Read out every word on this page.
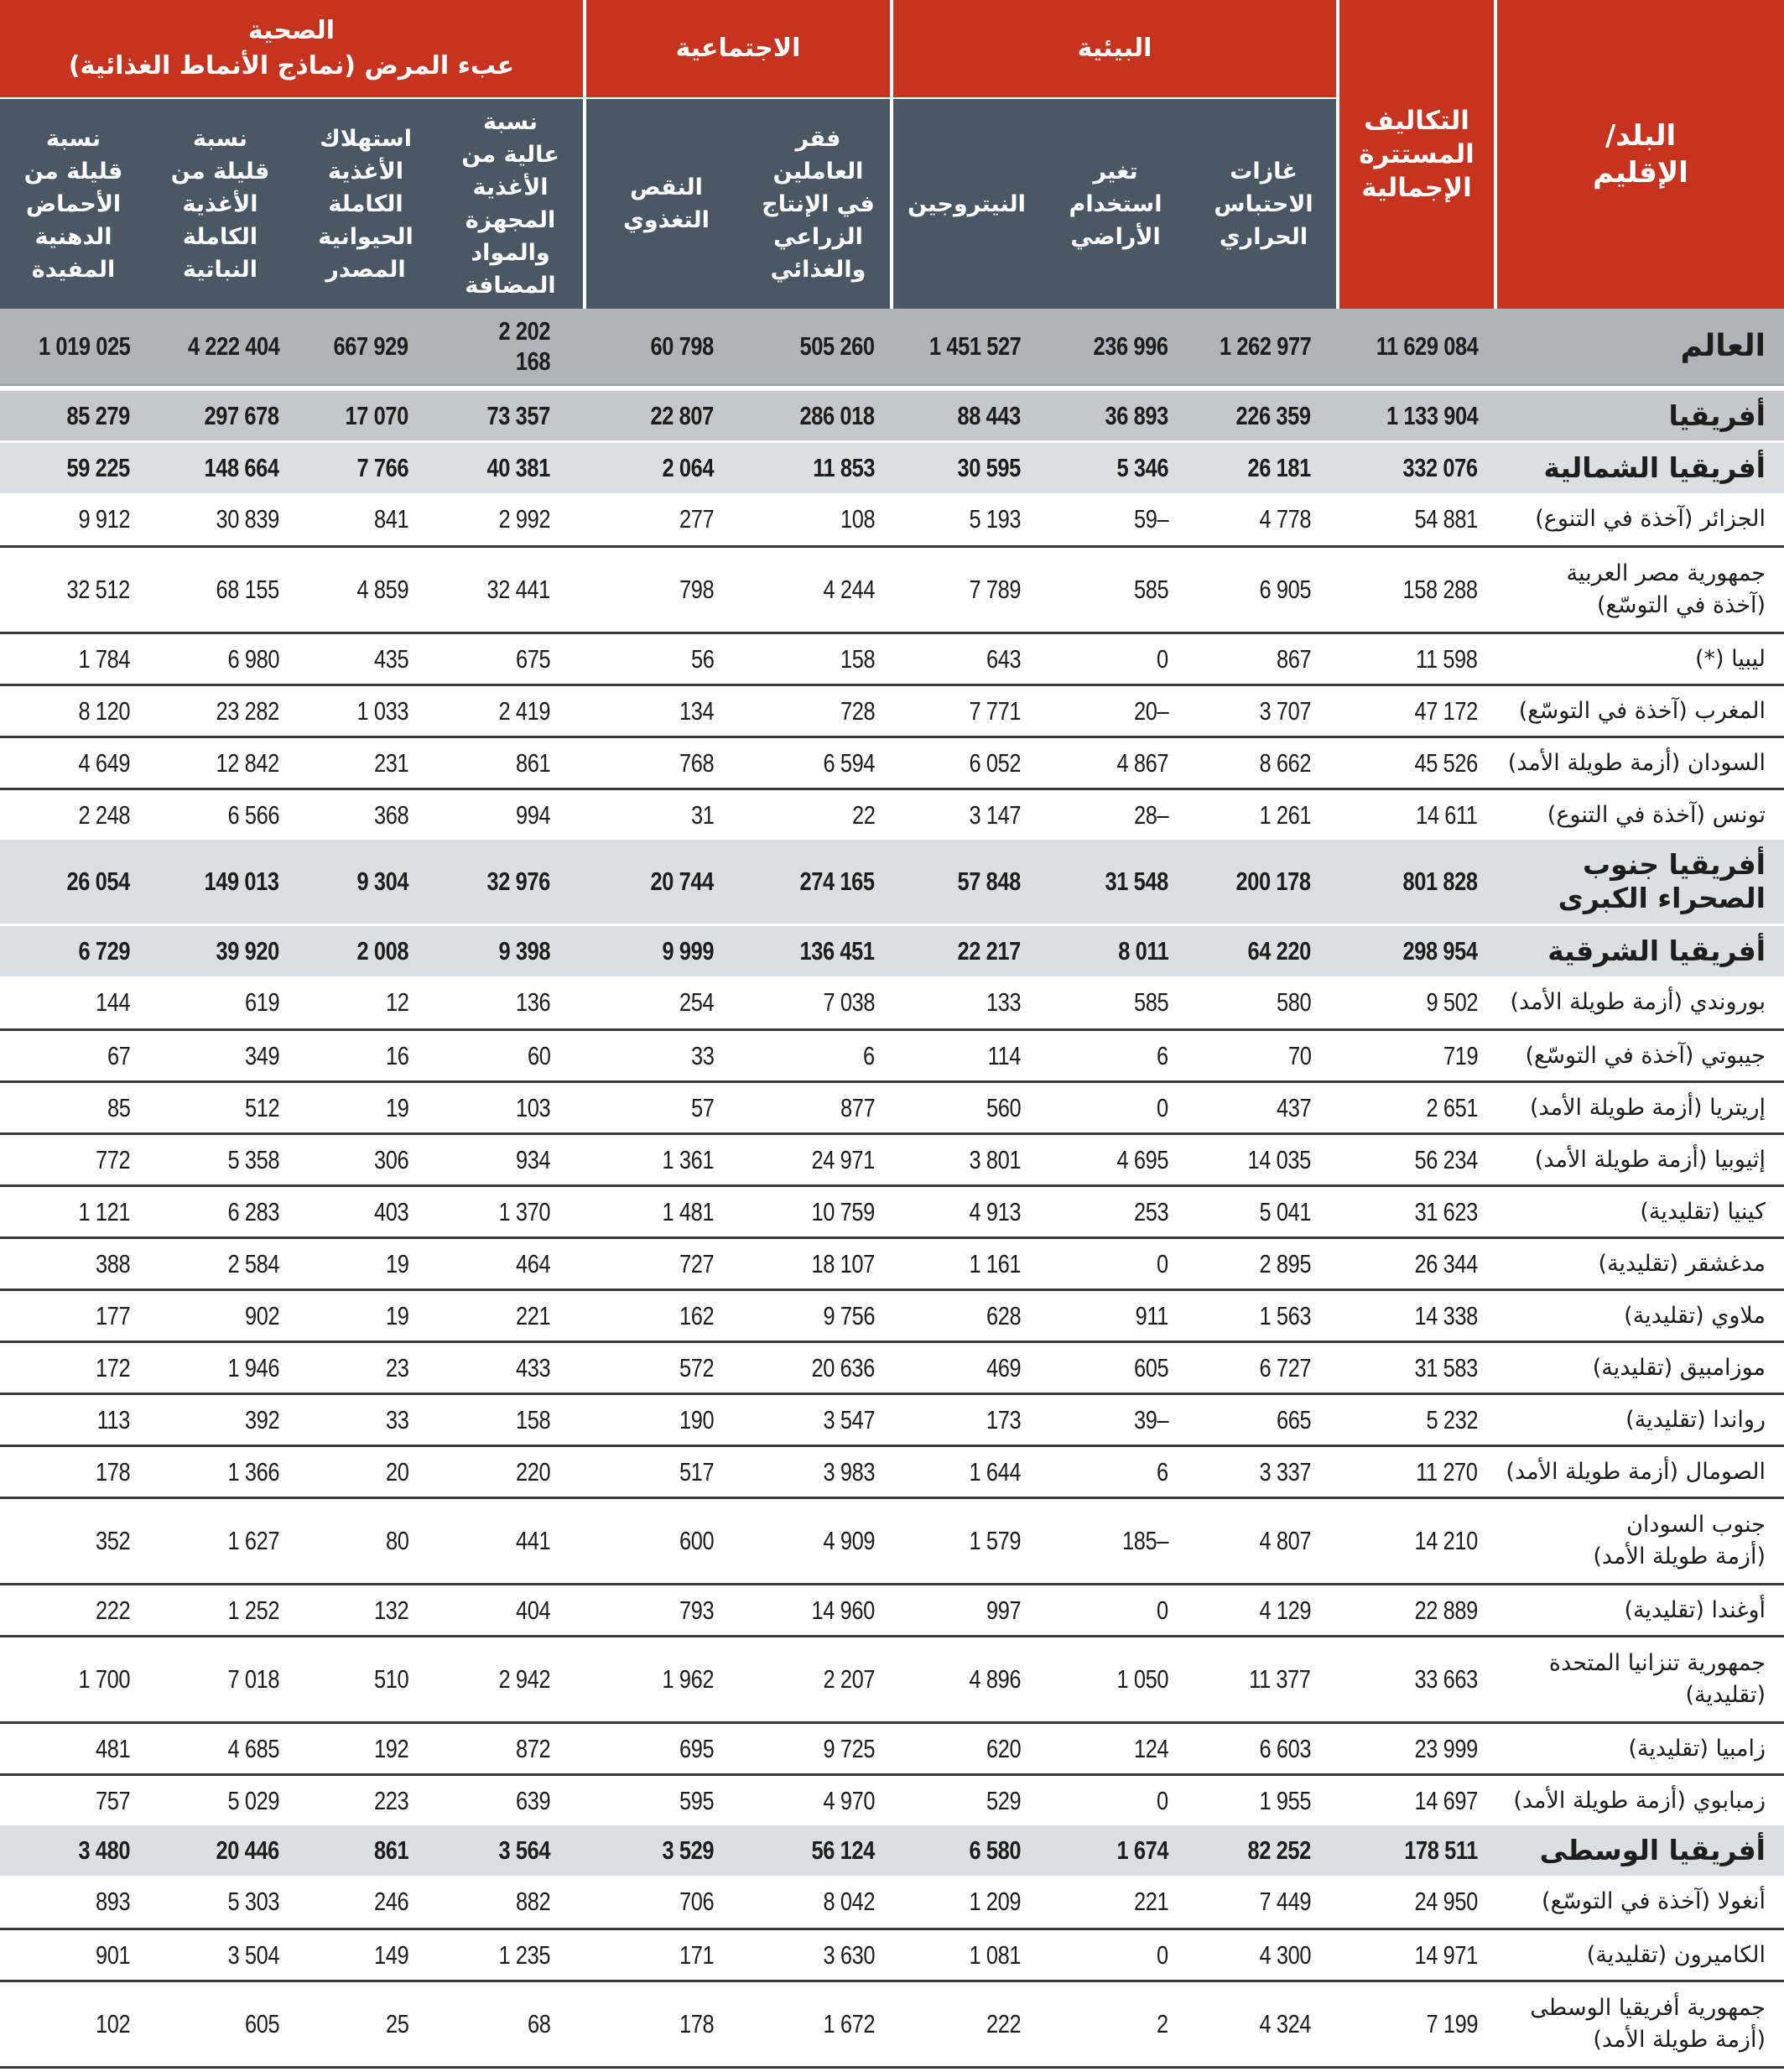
البلد/
الإقليم
التكاليف
المستترة
الإجمالية
البيئية
الاجتماعية
الصحية
عبء المرض (نماذج الأنماط الغذائية)
غازات
الاحتباس
الحراري
تغير
استخدام
الأراضي
النيتروجين
فقر
العاملين
في الإنتاج
الزراعي
والغذائي
النقص
التغذوي
نسبة
عالية من
الأغذية
المجهزة
والمواد
المضافة
استهلاك
الأغذية
الكاملة
الحيوانية
المصدر
نسبة
قليلة من
الأغذية
الكاملة
النباتية
نسبة
قليلة من
الأحماض
الدهنية
المفيدة
العالم
11 629 084
1 262 977
236 996
1 451 527
505 260
60 798
2 202
168
667 929
4 222 404
1 019 025
أفريقيا
1 133 904
226 359
36 893
88 443
286 018
22 807
73 357
17 070
297 678
85 279
أفريقيا الشمالية
332 076
26 181
5 346
30 595
11 853
2 064
40 381
7 766
148 664
59 225
الجزائر (آخذة في التنوع)
54 881
4 778
59–
5 193
108
277
2 992
841
30 839
9 912
جمهورية مصر العربية
(آخذة في التوسّع)
158 288
6 905
585
7 789
4 244
798
32 441
4 859
68 155
32 512
ليبيا (*)
11 598
867
0
643
158
56
675
435
6 980
1 784
المغرب (آخذة في التوسّع)
47 172
3 707
20–
7 771
728
134
2 419
1 033
23 282
8 120
السودان (أزمة طويلة الأمد)
45 526
8 662
4 867
6 052
6 594
768
861
231
12 842
4 649
تونس (آخذة في التنوع)
14 611
1 261
28–
3 147
22
31
994
368
6 566
2 248
أفريقيا جنوب
الصحراء الكبرى
801 828
200 178
31 548
57 848
274 165
20 744
32 976
9 304
149 013
26 054
أفريقيا الشرقية
298 954
64 220
8 011
22 217
136 451
9 999
9 398
2 008
39 920
6 729
بوروندي (أزمة طويلة الأمد)
9 502
580
585
133
7 038
254
136
12
619
144
جيبوتي (آخذة في التوسّع)
719
70
6
114
6
33
60
16
349
67
إريتريا (أزمة طويلة الأمد)
2 651
437
0
560
877
57
103
19
512
85
إثيوبيا (أزمة طويلة الأمد)
56 234
14 035
4 695
3 801
24 971
1 361
934
306
5 358
772
كينيا (تقليدية)
31 623
5 041
253
4 913
10 759
1 481
1 370
403
6 283
1 121
مدغشقر (تقليدية)
26 344
2 895
0
1 161
18 107
727
464
19
2 584
388
ملاوي (تقليدية)
14 338
1 563
911
628
9 756
162
221
19
902
177
موزامبيق (تقليدية)
31 583
6 727
605
469
20 636
572
433
23
1 946
172
رواندا (تقليدية)
5 232
665
39–
173
3 547
190
158
33
392
113
الصومال (أزمة طويلة الأمد)
11 270
3 337
6
1 644
3 983
517
220
20
1 366
178
جنوب السودان
(أزمة طويلة الأمد)
14 210
4 807
185–
1 579
4 909
600
441
80
1 627
352
أوغندا (تقليدية)
22 889
4 129
0
997
14 960
793
404
132
1 252
222
جمهورية تنزانيا المتحدة
(تقليدية)
33 663
11 377
1 050
4 896
2 207
1 962
2 942
510
7 018
1 700
زامبيا (تقليدية)
23 999
6 603
124
620
9 725
695
872
192
4 685
481
زمبابوي (أزمة طويلة الأمد)
14 697
1 955
0
529
4 970
595
639
223
5 029
757
أفريقيا الوسطى
178 511
82 252
1 674
6 580
56 124
3 529
3 564
861
20 446
3 480
أنغولا (آخذة في التوسّع)
24 950
7 449
221
1 209
8 042
706
882
246
5 303
893
الكاميرون (تقليدية)
14 971
4 300
0
1 081
3 630
171
1 235
149
3 504
901
جمهورية أفريقيا الوسطى
(أزمة طويلة الأمد)
7 199
4 324
2
222
1 672
178
68
25
605
102
